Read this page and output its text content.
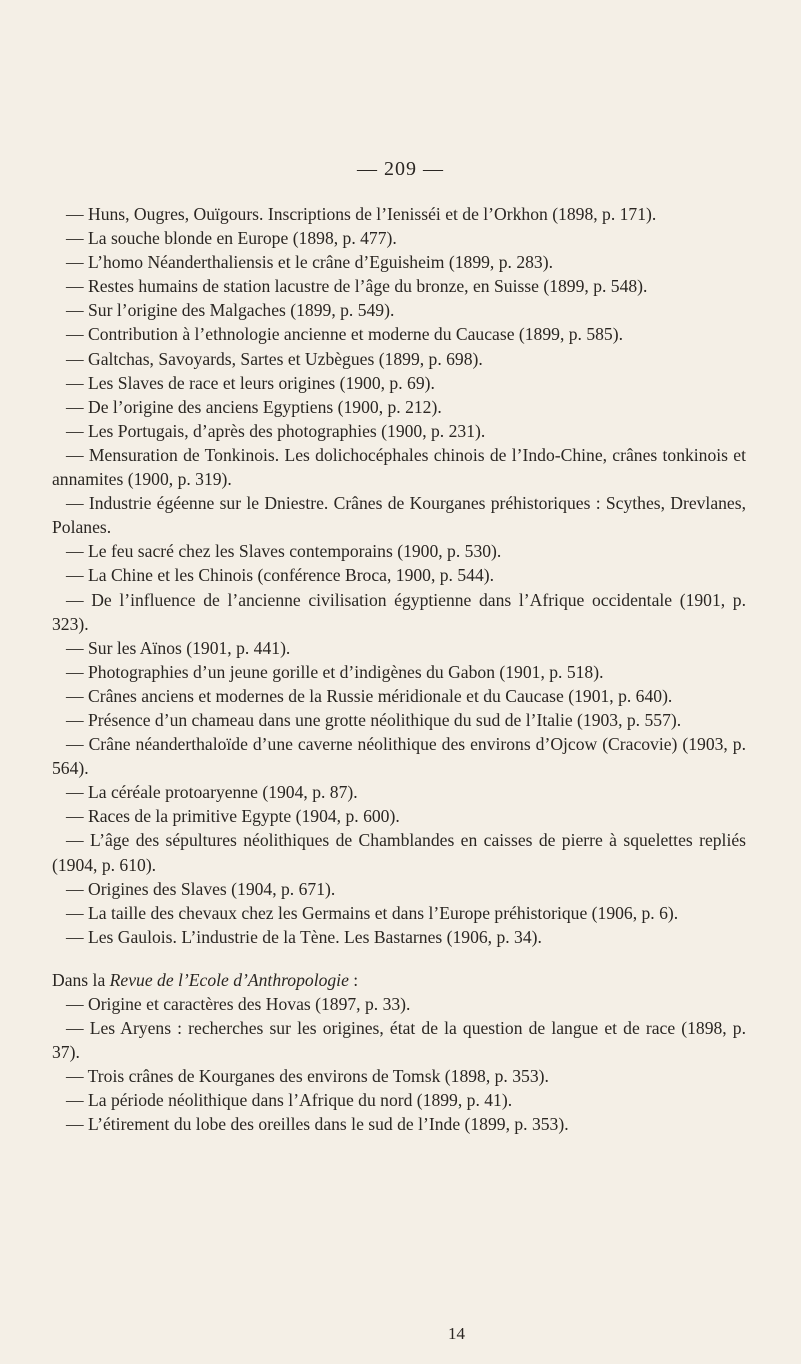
— 209 —

— Huns, Ougres, Ouïgours. Inscriptions de l’Ienisséi et de l’Orkhon (1898, p. 171).

— La souche blonde en Europe (1898, p. 477).

— L’homo Néanderthaliensis et le crâne d’Eguisheim (1899, p. 283).

— Restes humains de station lacustre de l’âge du bronze, en Suisse (1899, p. 548).

— Sur l’origine des Malgaches (1899, p. 549).

— Contribution à l’ethnologie ancienne et moderne du Caucase (1899, p. 585).

— Galtchas, Savoyards, Sartes et Uzbègues (1899, p. 698).

— Les Slaves de race et leurs origines (1900, p. 69).

— De l’origine des anciens Egyptiens (1900, p. 212).

— Les Portugais, d’après des photographies (1900, p. 231).

— Mensuration de Tonkinois. Les dolichocéphales chinois de l’Indo-Chine, crânes tonkinois et annamites (1900, p. 319).

— Industrie égéenne sur le Dniestre. Crânes de Kourganes préhistoriques : Scythes, Drevlanes, Polanes.

— Le feu sacré chez les Slaves contemporains (1900, p. 530).

— La Chine et les Chinois (conférence Broca, 1900, p. 544).

— De l’influence de l’ancienne civilisation égyptienne dans l’Afrique occidentale (1901, p. 323).

— Sur les Aïnos (1901, p. 441).

— Photographies d’un jeune gorille et d’indigènes du Gabon (1901, p. 518).

— Crânes anciens et modernes de la Russie méridionale et du Caucase (1901, p. 640).

— Présence d’un chameau dans une grotte néolithique du sud de l’Italie (1903, p. 557).

— Crâne néanderthaloïde d’une caverne néolithique des environs d’Ojcow (Cracovie) (1903, p. 564).

— La céréale protoaryenne (1904, p. 87).

— Races de la primitive Egypte (1904, p. 600).

— L’âge des sépultures néolithiques de Chamblandes en caisses de pierre à squelettes repliés (1904, p. 610).

— Origines des Slaves (1904, p. 671).

— La taille des chevaux chez les Germains et dans l’Europe préhistorique (1906, p. 6).

— Les Gaulois. L’industrie de la Tène. Les Bastarnes (1906, p. 34).

Dans la Revue de l’Ecole d’Anthropologie :

— Origine et caractères des Hovas (1897, p. 33).

— Les Aryens : recherches sur les origines, état de la question de langue et de race (1898, p. 37).

— Trois crânes de Kourganes des environs de Tomsk (1898, p. 353).

— La période néolithique dans l’Afrique du nord (1899, p. 41).

— L’étirement du lobe des oreilles dans le sud de l’Inde (1899, p. 353).

14
